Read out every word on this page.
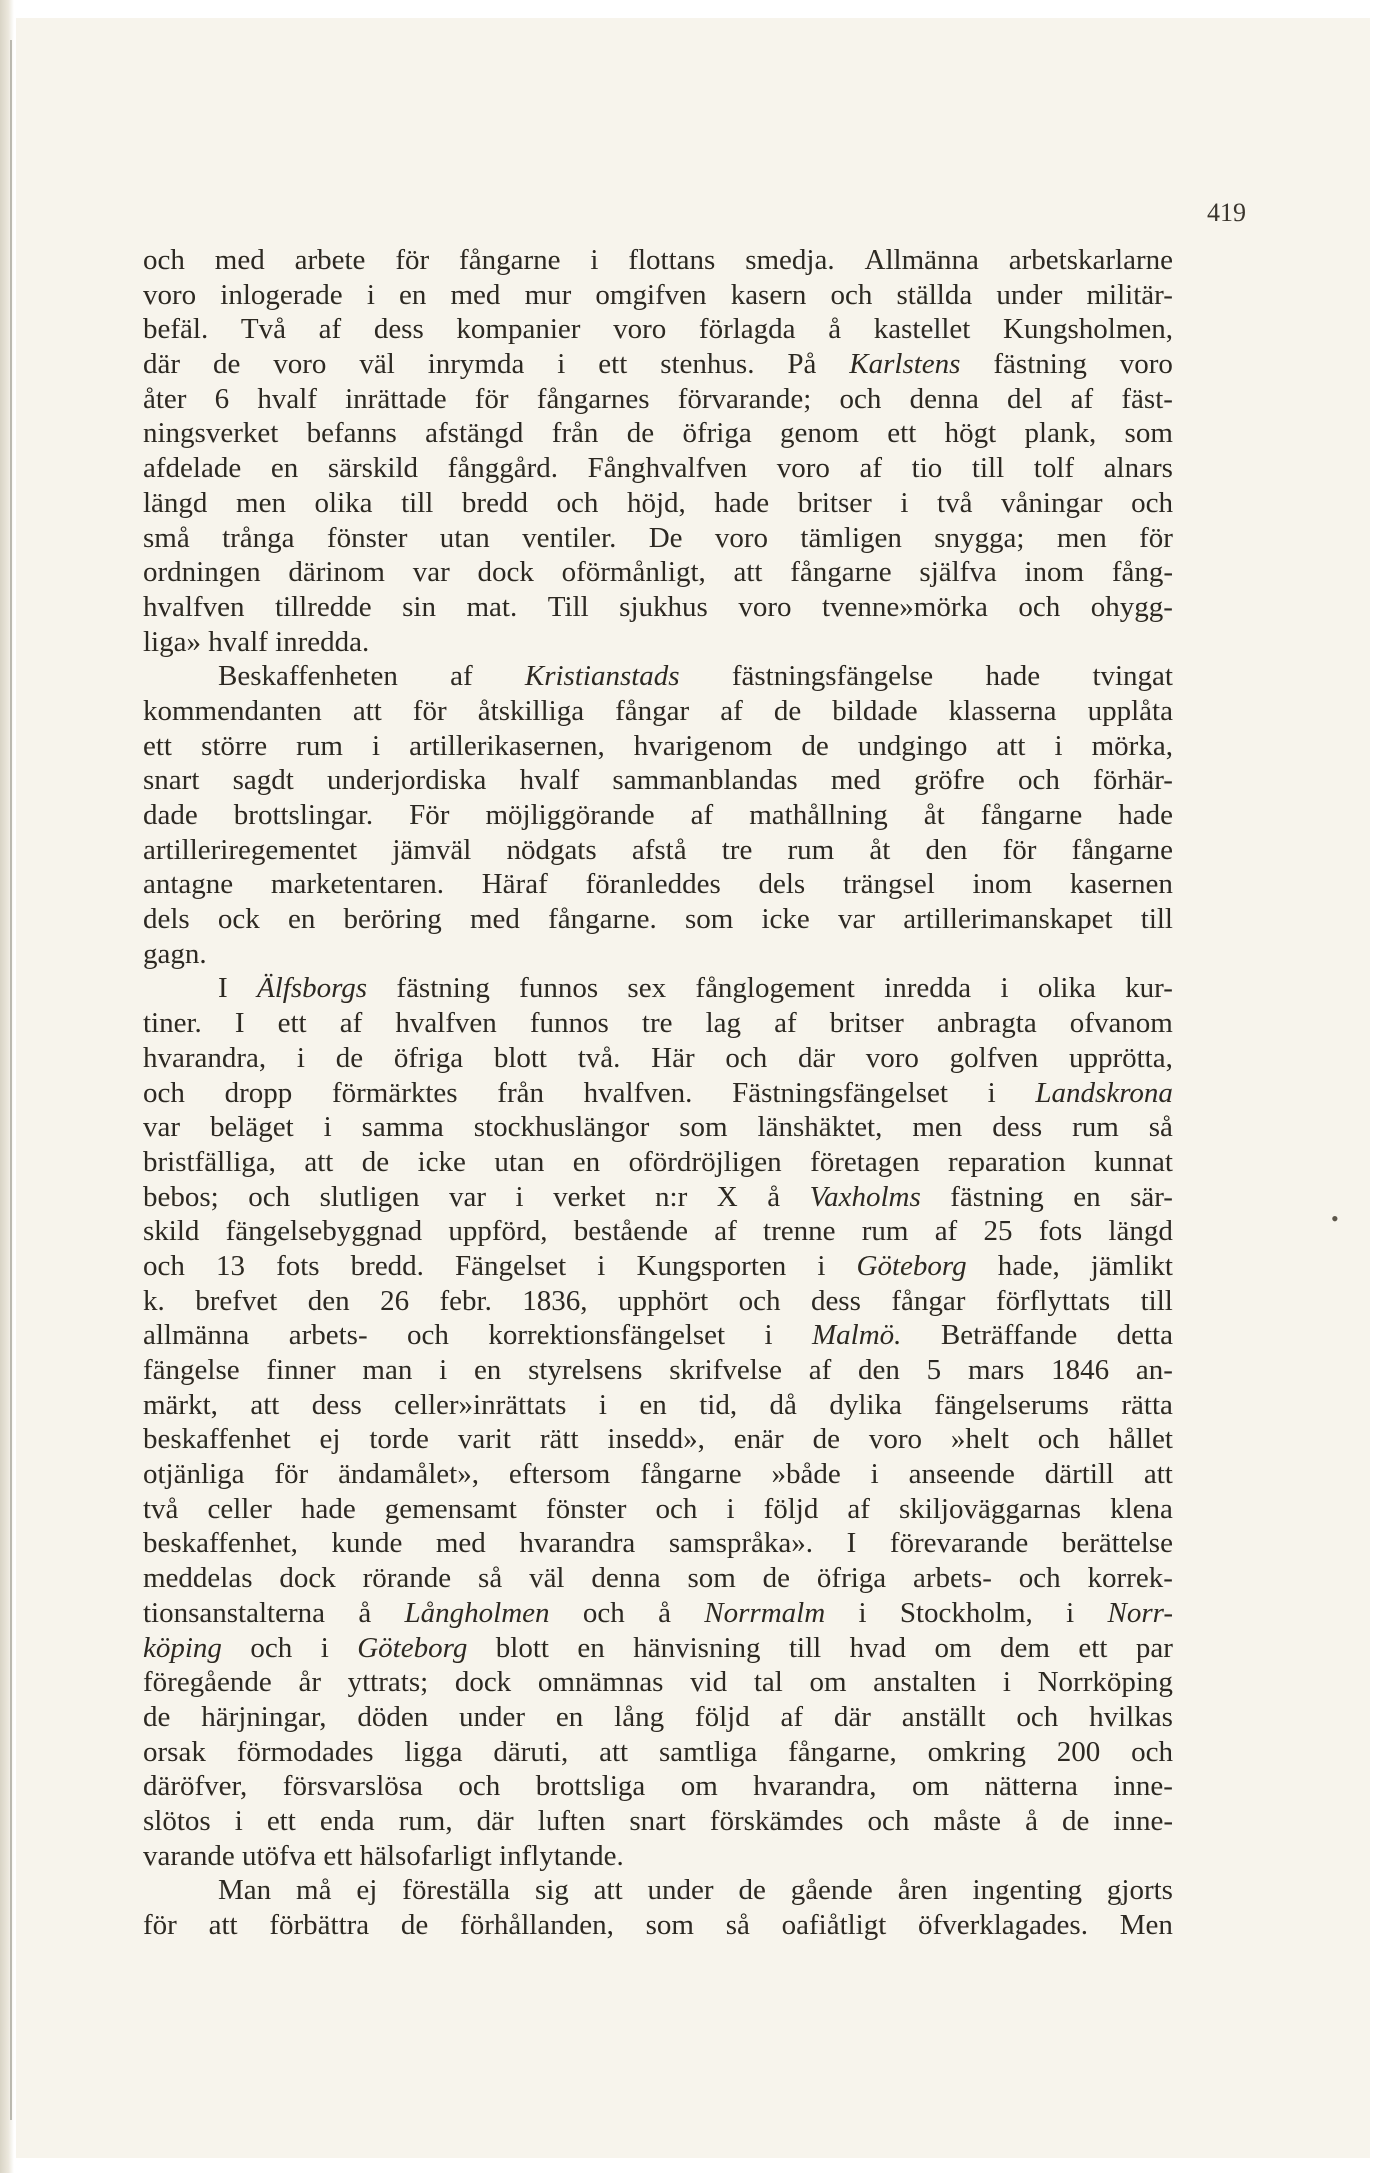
419
och med arbete för fångarne i flottans smedja. Allmänna arbetskarlarne
voro inlogerade i en med mur omgifven kasern och ställda under militär-
befäl. Två af dess kompanier voro förlagda å kastellet Kungsholmen,
där de voro väl inrymda i ett stenhus. På Karlstens fästning voro
åter 6 hvalf inrättade för fångarnes förvarande; och denna del af fäst-
ningsverket befanns afstängd från de öfriga genom ett högt plank, som
afdelade en särskild fånggård. Fånghvalfven voro af tio till tolf alnars
längd men olika till bredd och höjd, hade britser i två våningar och
små trånga fönster utan ventiler. De voro tämligen snygga; men för
ordningen därinom var dock oförmånligt, att fångarne själfva inom fång-
hvalfven tillredde sin mat. Till sjukhus voro tvenne»mörka och ohygg-
liga»
hvalf
inredda.

Beskaffenheten af Kristianstads fästningsfängelse hade tvingat
kommendanten att för åtskilliga fångar af de bildade klasserna upplåta
ett större rum i artillerikasernen, hvarigenom de undgingo att i mörka,
snart sagdt underjordiska hvalf sammanblandas med gröfre och förhär-
dade brottslingar. För möjliggörande af mathållning åt fångarne hade
artilleriregementet jämväl nödgats afstå tre rum åt den för fångarne
antagne marketentaren. Häraf föranleddes dels trängsel inom kasernen
dels ock en beröring med fångarne. som icke var artillerimanskapet till
gagn.

I Älfsborgs fästning funnos sex fånglogement inredda i olika kur-
tiner. I ett af hvalfven funnos tre lag af britser anbragta ofvanom
hvarandra, i de öfriga blott två. Här och där voro golfven upprötta,
och dropp förmärktes från hvalfven. Fästningsfängelset i Landskrona
var beläget i samma stockhuslängor som länshäktet, men dess rum så
bristfälliga, att de icke utan en ofördröjligen företagen reparation kunnat
bebos; och slutligen var i verket n:r X å Vaxholms fästning en sär-
skild fängelsebyggnad uppförd, bestående af trenne rum af 25 fots längd
och 13 fots bredd. Fängelset i Kungsporten i Göteborg hade, jämlikt
k. brefvet den 26 febr. 1836, upphört och dess fångar förflyttats till
allmänna arbets- och korrektionsfängelset i Malmö. Beträffande detta
fängelse finner man i en styrelsens skrifvelse af den 5 mars 1846 an-
märkt, att dess celler»inrättats i en tid, då dylika fängelserums rätta
beskaffenhet ej torde varit rätt insedd», enär de voro »helt och hållet
otjänliga för ändamålet», eftersom fångarne »både i anseende därtill att
två celler hade gemensamt fönster och i följd af skiljoväggarnas klena
beskaffenhet, kunde med hvarandra samspråka». I förevarande berättelse
meddelas dock rörande så väl denna som de öfriga arbets- och korrek-
tionsanstalterna å Långholmen och å Norrmalm i Stockholm, i Norr-
köping och i Göteborg blott en hänvisning till hvad om dem ett par
föregående år yttrats; dock omnämnas vid tal om anstalten i Norrköping
de härjningar, döden under en lång följd af där anställt och hvilkas
orsak förmodades ligga däruti, att samtliga fångarne, omkring 200 och
däröfver, försvarslösa och brottsliga om hvarandra, om nätterna inne-
slötos i ett enda rum, där luften snart förskämdes och måste å de inne-
varande
utöfva
ett
hälsofarligt
inflytande.

Man må ej föreställa sig att under de gående åren ingenting gjorts
för att förbättra de förhållanden, som så oafiåtligt öfverklagades. Men
•
